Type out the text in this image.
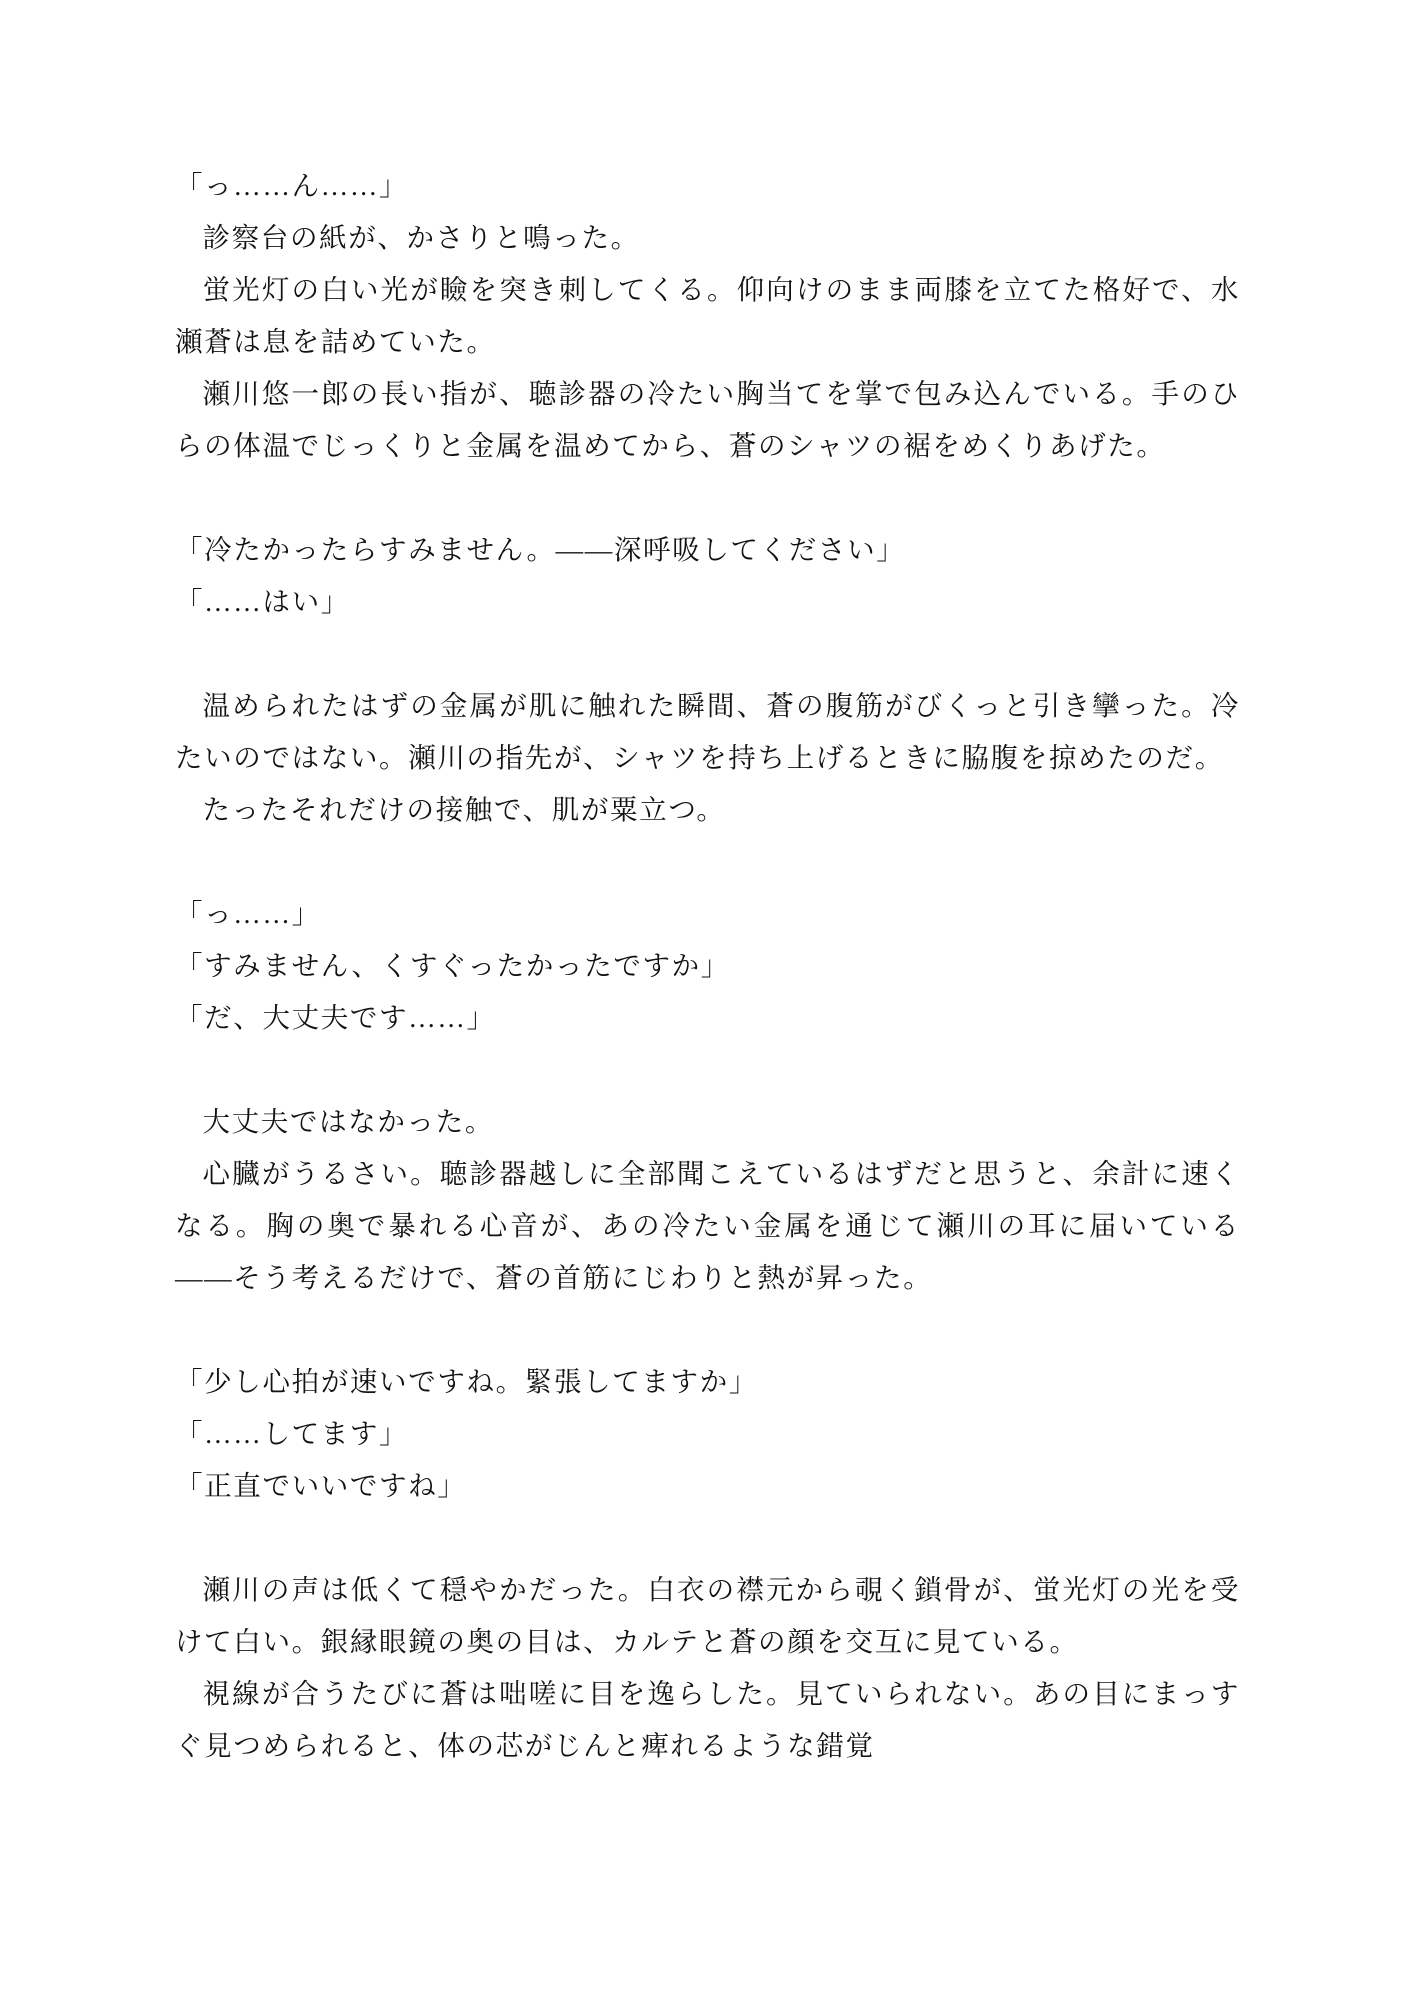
「っ……ん……」

診察台の紙が、かさりと鳴った。

蛍光灯の白い光が瞼を突き刺してくる。仰向けのまま両膝を立てた格好で、水瀬蒼は息を詰めていた。

瀬川悠一郎の長い指が、聴診器の冷たい胸当てを掌で包み込んでいる。手のひらの体温でじっくりと金属を温めてから、蒼のシャツの裾をめくりあげた。

「冷たかったらすみません。——深呼吸してください」

「……はい」

温められたはずの金属が肌に触れた瞬間、蒼の腹筋がびくっと引き攣った。冷たいのではない。瀬川の指先が、シャツを持ち上げるときに脇腹を掠めたのだ。

たったそれだけの接触で、肌が粟立つ。

「っ……」

「すみません、くすぐったかったですか」

「だ、大丈夫です……」

大丈夫ではなかった。

心臓がうるさい。聴診器越しに全部聞こえているはずだと思うと、余計に速くなる。胸の奥で暴れる心音が、あの冷たい金属を通じて瀬川の耳に届いている——そう考えるだけで、蒼の首筋にじわりと熱が昇った。

「少し心拍が速いですね。緊張してますか」

「……してます」

「正直でいいですね」

瀬川の声は低くて穏やかだった。白衣の襟元から覗く鎖骨が、蛍光灯の光を受けて白い。銀縁眼鏡の奥の目は、カルテと蒼の顔を交互に見ている。

視線が合うたびに蒼は咄嗟に目を逸らした。見ていられない。あの目にまっすぐ見つめられると、体の芯がじんと痺れるような錯覚
